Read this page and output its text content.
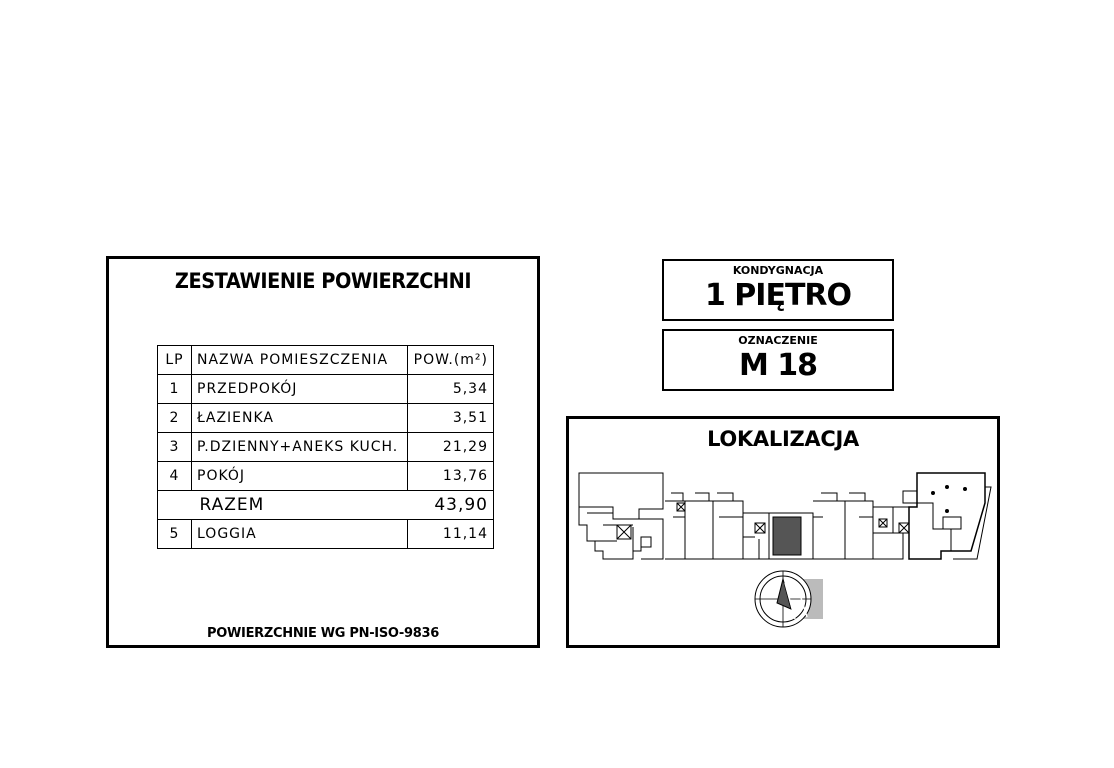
ZESTAWIENIE POWIERZCHNI
LP	NAZWA POMIESZCZENIA	POW.(m²)
1	PRZEDPOKÓJ	5,34
2	ŁAZIENKA	3,51
3	P.DZIENNY+ANEKS KUCH.	21,29
4	POKÓJ	13,76
	RAZEM	43,90
5	LOGGIA	11,14
POWIERZCHNIE WG PN-ISO-9836
KONDYGNACJA
1 PIĘTRO
OZNACZENIE
M 18
LOKALIZACJA
